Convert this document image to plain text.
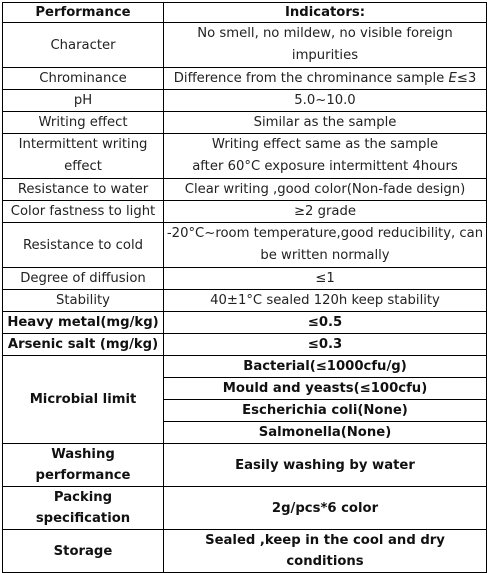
Performance	Indicators:
Character	No smell, no mildew, no visible foreign
impurities

Chrominance	Difference from the chrominance sample E≤3
pH	5.0~10.0
Writing effect	Similar as the sample

Intermittent writing
effect	Writing effect same as the sample
after 60°C exposure intermittent 4hours

Resistance to water	Clear writing ,good color(Non-fade design)
Color fastness to light	≥2 grade
Resistance to cold	-20°C~room temperature,good reducibility, can
be written normally

Degree of diffusion	≤1
Stability	40±1°C sealed 120h keep stability
Heavy metal(mg/kg)	≤0.5
Arsenic salt (mg/kg)	≤0.3
Microbial limit	Bacterial(≤1000cfu/g)
	Mould and yeasts(≤100cfu)
	Escherichia coli(None)
	Salmonella(None)
Washing performance	Easily washing by water
Packing specification	2g/pcs*6 color
Storage	Sealed ,keep in the cool and dry conditions
